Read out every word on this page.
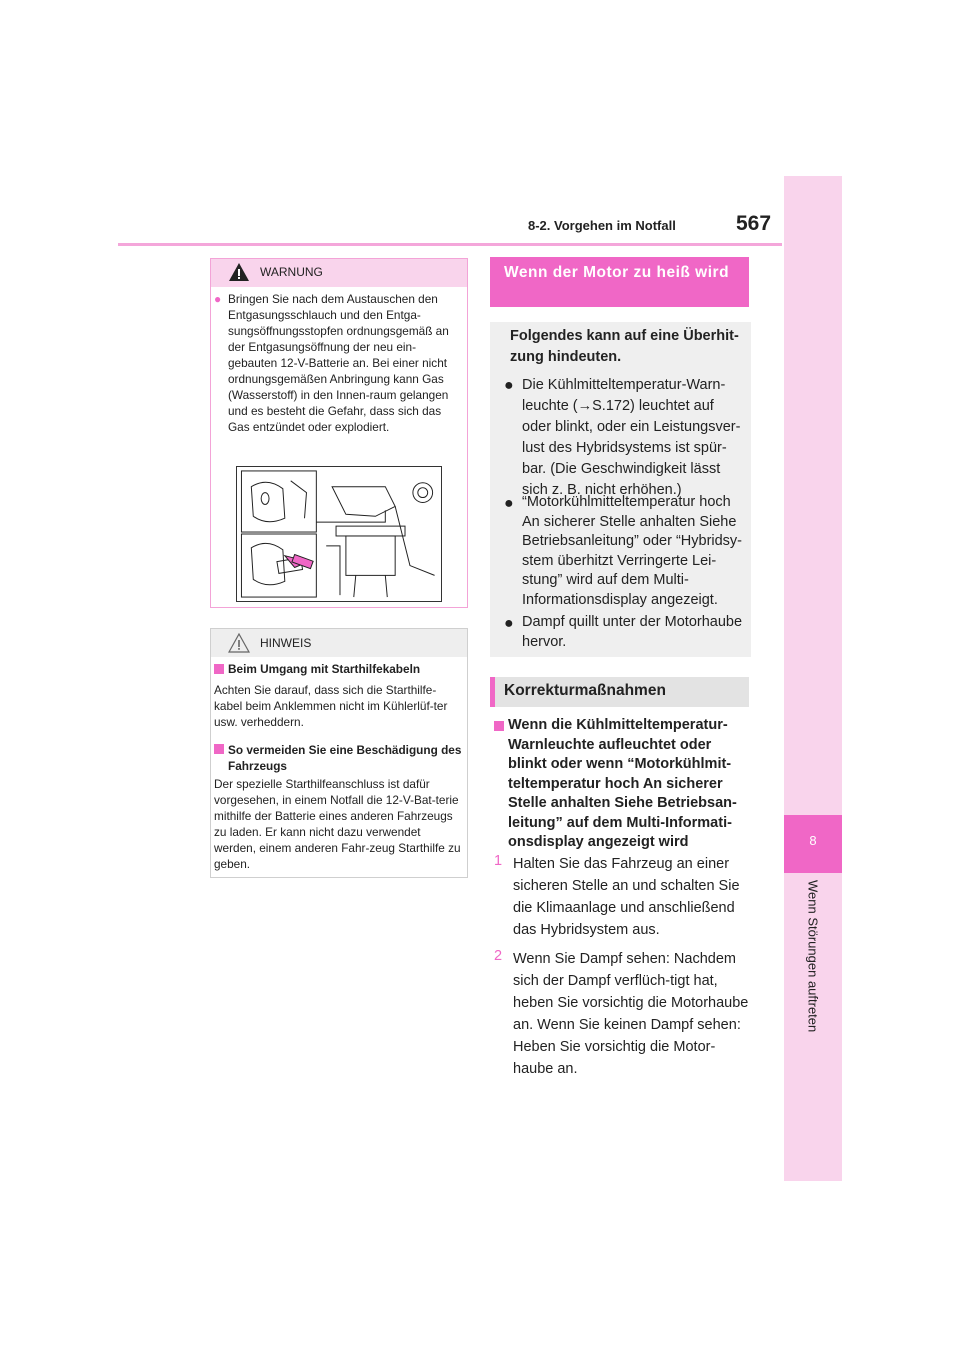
8-2. Vorgehen im Notfall	567
8
Wenn Störungen auftreten
WARNUNG
● Bringen Sie nach dem Austauschen den Entgasungsschlauch und den Entga-sungsöffnungsstopfen ordnungsgemäß an der Entgasungsöffnung der neu ein-gebauten 12-V-Batterie an. Bei einer nicht ordnungsgemäßen Anbringung kann Gas (Wasserstoff) in den Innen-raum gelangen und es besteht die Gefahr, dass sich das Gas entzündet oder explodiert.
HINWEIS
Beim Umgang mit Starthilfekabeln
Achten Sie darauf, dass sich die Starthilfe-kabel beim Anklemmen nicht im Kühlerlüf-ter usw. verheddern.
So vermeiden Sie eine Beschädigung des Fahrzeugs
Der spezielle Starthilfeanschluss ist dafür vorgesehen, in einem Notfall die 12-V-Bat-terie mithilfe der Batterie eines anderen Fahrzeugs zu laden. Er kann nicht dazu verwendet werden, einem anderen Fahr-zeug Starthilfe zu geben.
Wenn der Motor zu heiß wird
Folgendes kann auf eine Überhit-zung hindeuten.
● Die Kühlmitteltemperatur-Warn-leuchte (→S.172) leuchtet auf oder blinkt, oder ein Leistungsver-lust des Hybridsystems ist spür-bar. (Die Geschwindigkeit lässt sich z. B. nicht erhöhen.)
● “Motorkühlmitteltemperatur hoch An sicherer Stelle anhalten Siehe Betriebsanleitung” oder “Hybridsy-stem überhitzt Verringerte Lei-stung” wird auf dem Multi-Informationsdisplay angezeigt.
● Dampf quillt unter der Motorhaube hervor.
Korrekturmaßnahmen
Wenn die Kühlmitteltemperatur-Warnleuchte aufleuchtet oder blinkt oder wenn “Motorkühlmit-teltemperatur hoch An sicherer Stelle anhalten Siehe Betriebsan-leitung” auf dem Multi-Informati-onsdisplay angezeigt wird
1 Halten Sie das Fahrzeug an einer sicheren Stelle an und schalten Sie die Klimaanlage und anschließend das Hybridsystem aus.
2 Wenn Sie Dampf sehen: Nachdem sich der Dampf verflüch-tigt hat, heben Sie vorsichtig die Motorhaube an. Wenn Sie keinen Dampf sehen: Heben Sie vorsichtig die Motor-haube an.
